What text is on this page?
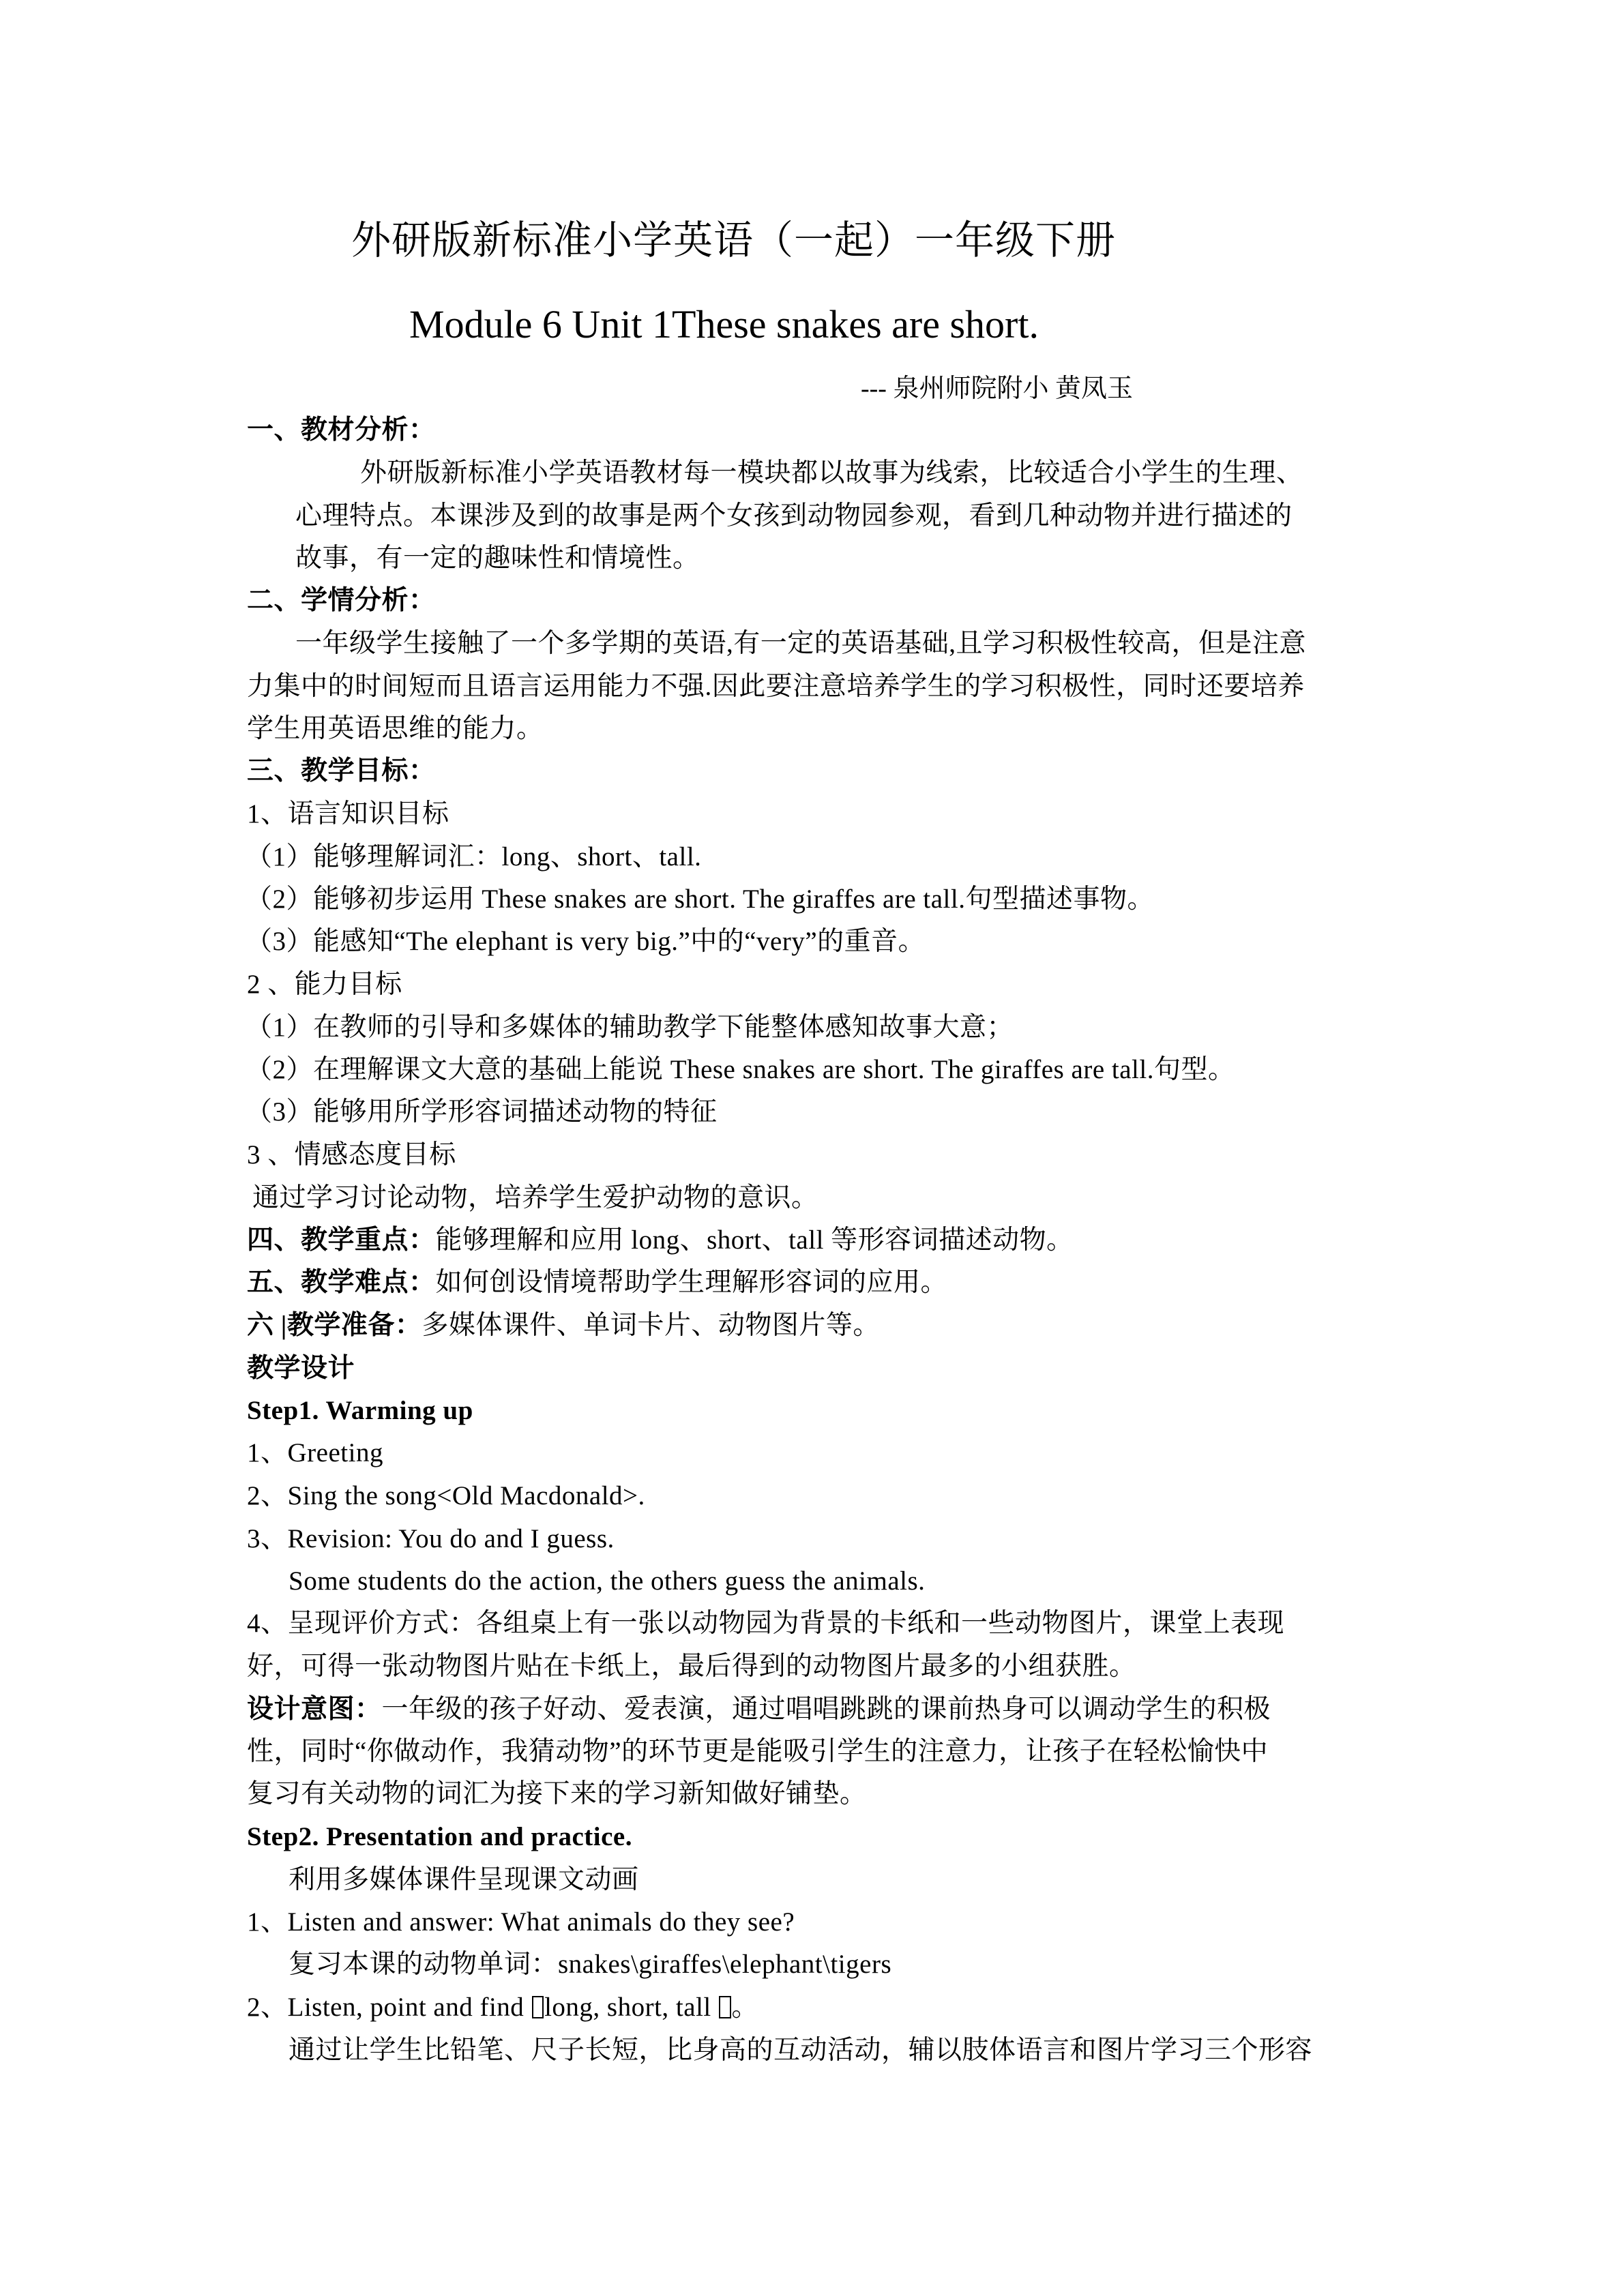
外研版新标准小学英语（一起）一年级下册
Module 6 Unit 1These snakes are short.
--- 泉州师院附小 黄凤玉
一、教材分析：
外研版新标准小学英语教材每一模块都以故事为线索，比较适合小学生的生理、
心理特点。本课涉及到的故事是两个女孩到动物园参观，看到几种动物并进行描述的
故事，有一定的趣味性和情境性。
二、学情分析：
一年级学生接触了一个多学期的英语,有一定的英语基础,且学习积极性较高，但是注意
力集中的时间短而且语言运用能力不强.因此要注意培养学生的学习积极性，同时还要培养
学生用英语思维的能力。
三、教学目标：
1、语言知识目标
（1）能够理解词汇：long、short、tall.
（2）能够初步运用 These snakes are short. The giraffes are tall.句型描述事物。
（3）能感知“The elephant is very big.”中的“very”的重音。
2 、能力目标
（1）在教师的引导和多媒体的辅助教学下能整体感知故事大意；
（2）在理解课文大意的基础上能说 These snakes are short. The giraffes are tall.句型。
（3）能够用所学形容词描述动物的特征
3 、情感态度目标
通过学习讨论动物，培养学生爱护动物的意识。
四、教学重点：能够理解和应用 long、short、tall 等形容词描述动物。
五、教学难点：如何创设情境帮助学生理解形容词的应用。
六 |教学准备：多媒体课件、单词卡片、动物图片等。
教学设计
Step1. Warming up
1、Greeting
2、Sing the song<Old Macdonald>.
3、Revision: You do and I guess.
Some students do the action, the others guess the animals.
4、呈现评价方式：各组桌上有一张以动物园为背景的卡纸和一些动物图片，课堂上表现
好，可得一张动物图片贴在卡纸上，最后得到的动物图片最多的小组获胜。
设计意图：一年级的孩子好动、爱表演，通过唱唱跳跳的课前热身可以调动学生的积极
性，同时“你做动作，我猜动物”的环节更是能吸引学生的注意力，让孩子在轻松愉快中
复习有关动物的词汇为接下来的学习新知做好铺垫。
Step2. Presentation and practice.
利用多媒体课件呈现课文动画
1、Listen and answer: What animals do they see?
复习本课的动物单词：snakes\giraffes\elephant\tigers
2、Listen, point and find long, short, tall 。
通过让学生比铅笔、尺子长短，比身高的互动活动，辅以肢体语言和图片学习三个形容
